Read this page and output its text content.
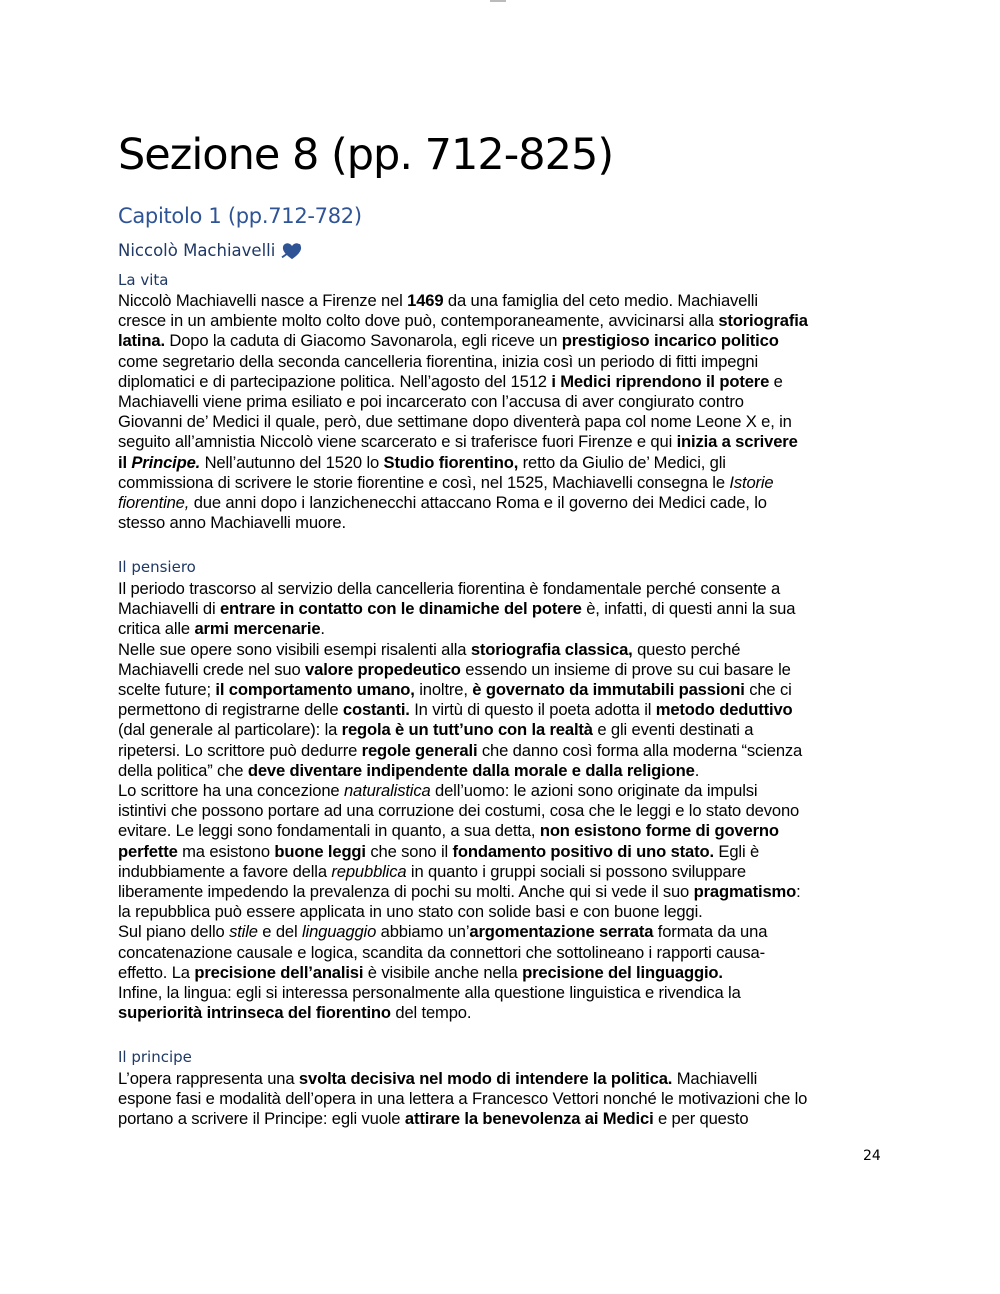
Sezione 8 (pp. 712-825)
Capitolo 1 (pp.712-782)
Niccolò Machiavelli
La vita
Niccolò Machiavelli nasce a Firenze nel 1469 da una famiglia del ceto medio. Machiavelli
cresce in un ambiente molto colto dove può, contemporaneamente, avvicinarsi alla storiografia
latina. Dopo la caduta di Giacomo Savonarola, egli riceve un prestigioso incarico politico
come segretario della seconda cancelleria fiorentina, inizia così un periodo di fitti impegni
diplomatici e di partecipazione politica. Nell’agosto del 1512 i Medici riprendono il potere e
Machiavelli viene prima esiliato e poi incarcerato con l’accusa di aver congiurato contro
Giovanni de’ Medici il quale, però, due settimane dopo diventerà papa col nome Leone X e, in
seguito all’amnistia Niccolò viene scarcerato e si traferisce fuori Firenze e qui inizia a scrivere
il Principe. Nell’autunno del 1520 lo Studio fiorentino, retto da Giulio de’ Medici, gli
commissiona di scrivere le storie fiorentine e così, nel 1525, Machiavelli consegna le Istorie
fiorentine, due anni dopo i lanzichenecchi attaccano Roma e il governo dei Medici cade, lo
stesso anno Machiavelli muore.
Il pensiero
Il periodo trascorso al servizio della cancelleria fiorentina è fondamentale perché consente a
Machiavelli di entrare in contatto con le dinamiche del potere è, infatti, di questi anni la sua
critica alle armi mercenarie.
Nelle sue opere sono visibili esempi risalenti alla storiografia classica, questo perché
Machiavelli crede nel suo valore propedeutico essendo un insieme di prove su cui basare le
scelte future; il comportamento umano, inoltre, è governato da immutabili passioni che ci
permettono di registrarne delle costanti. In virtù di questo il poeta adotta il metodo deduttivo
(dal generale al particolare): la regola è un tutt’uno con la realtà e gli eventi destinati a
ripetersi. Lo scrittore può dedurre regole generali che danno così forma alla moderna “scienza
della politica” che deve diventare indipendente dalla morale e dalla religione.
Lo scrittore ha una concezione naturalistica dell’uomo: le azioni sono originate da impulsi
istintivi che possono portare ad una corruzione dei costumi, cosa che le leggi e lo stato devono
evitare. Le leggi sono fondamentali in quanto, a sua detta, non esistono forme di governo
perfette ma esistono buone leggi che sono il fondamento positivo di uno stato. Egli è
indubbiamente a favore della repubblica in quanto i gruppi sociali si possono sviluppare
liberamente impedendo la prevalenza di pochi su molti. Anche qui si vede il suo pragmatismo:
la repubblica può essere applicata in uno stato con solide basi e con buone leggi.
Sul piano dello stile e del linguaggio abbiamo un’argomentazione serrata formata da una
concatenazione causale e logica, scandita da connettori che sottolineano i rapporti causa-
effetto. La precisione dell’analisi è visibile anche nella precisione del linguaggio.
Infine, la lingua: egli si interessa personalmente alla questione linguistica e rivendica la
superiorità intrinseca del fiorentino del tempo.
Il principe
L’opera rappresenta una svolta decisiva nel modo di intendere la politica. Machiavelli
espone fasi e modalità dell’opera in una lettera a Francesco Vettori nonché le motivazioni che lo
portano a scrivere il Principe: egli vuole attirare la benevolenza ai Medici e per questo
24
